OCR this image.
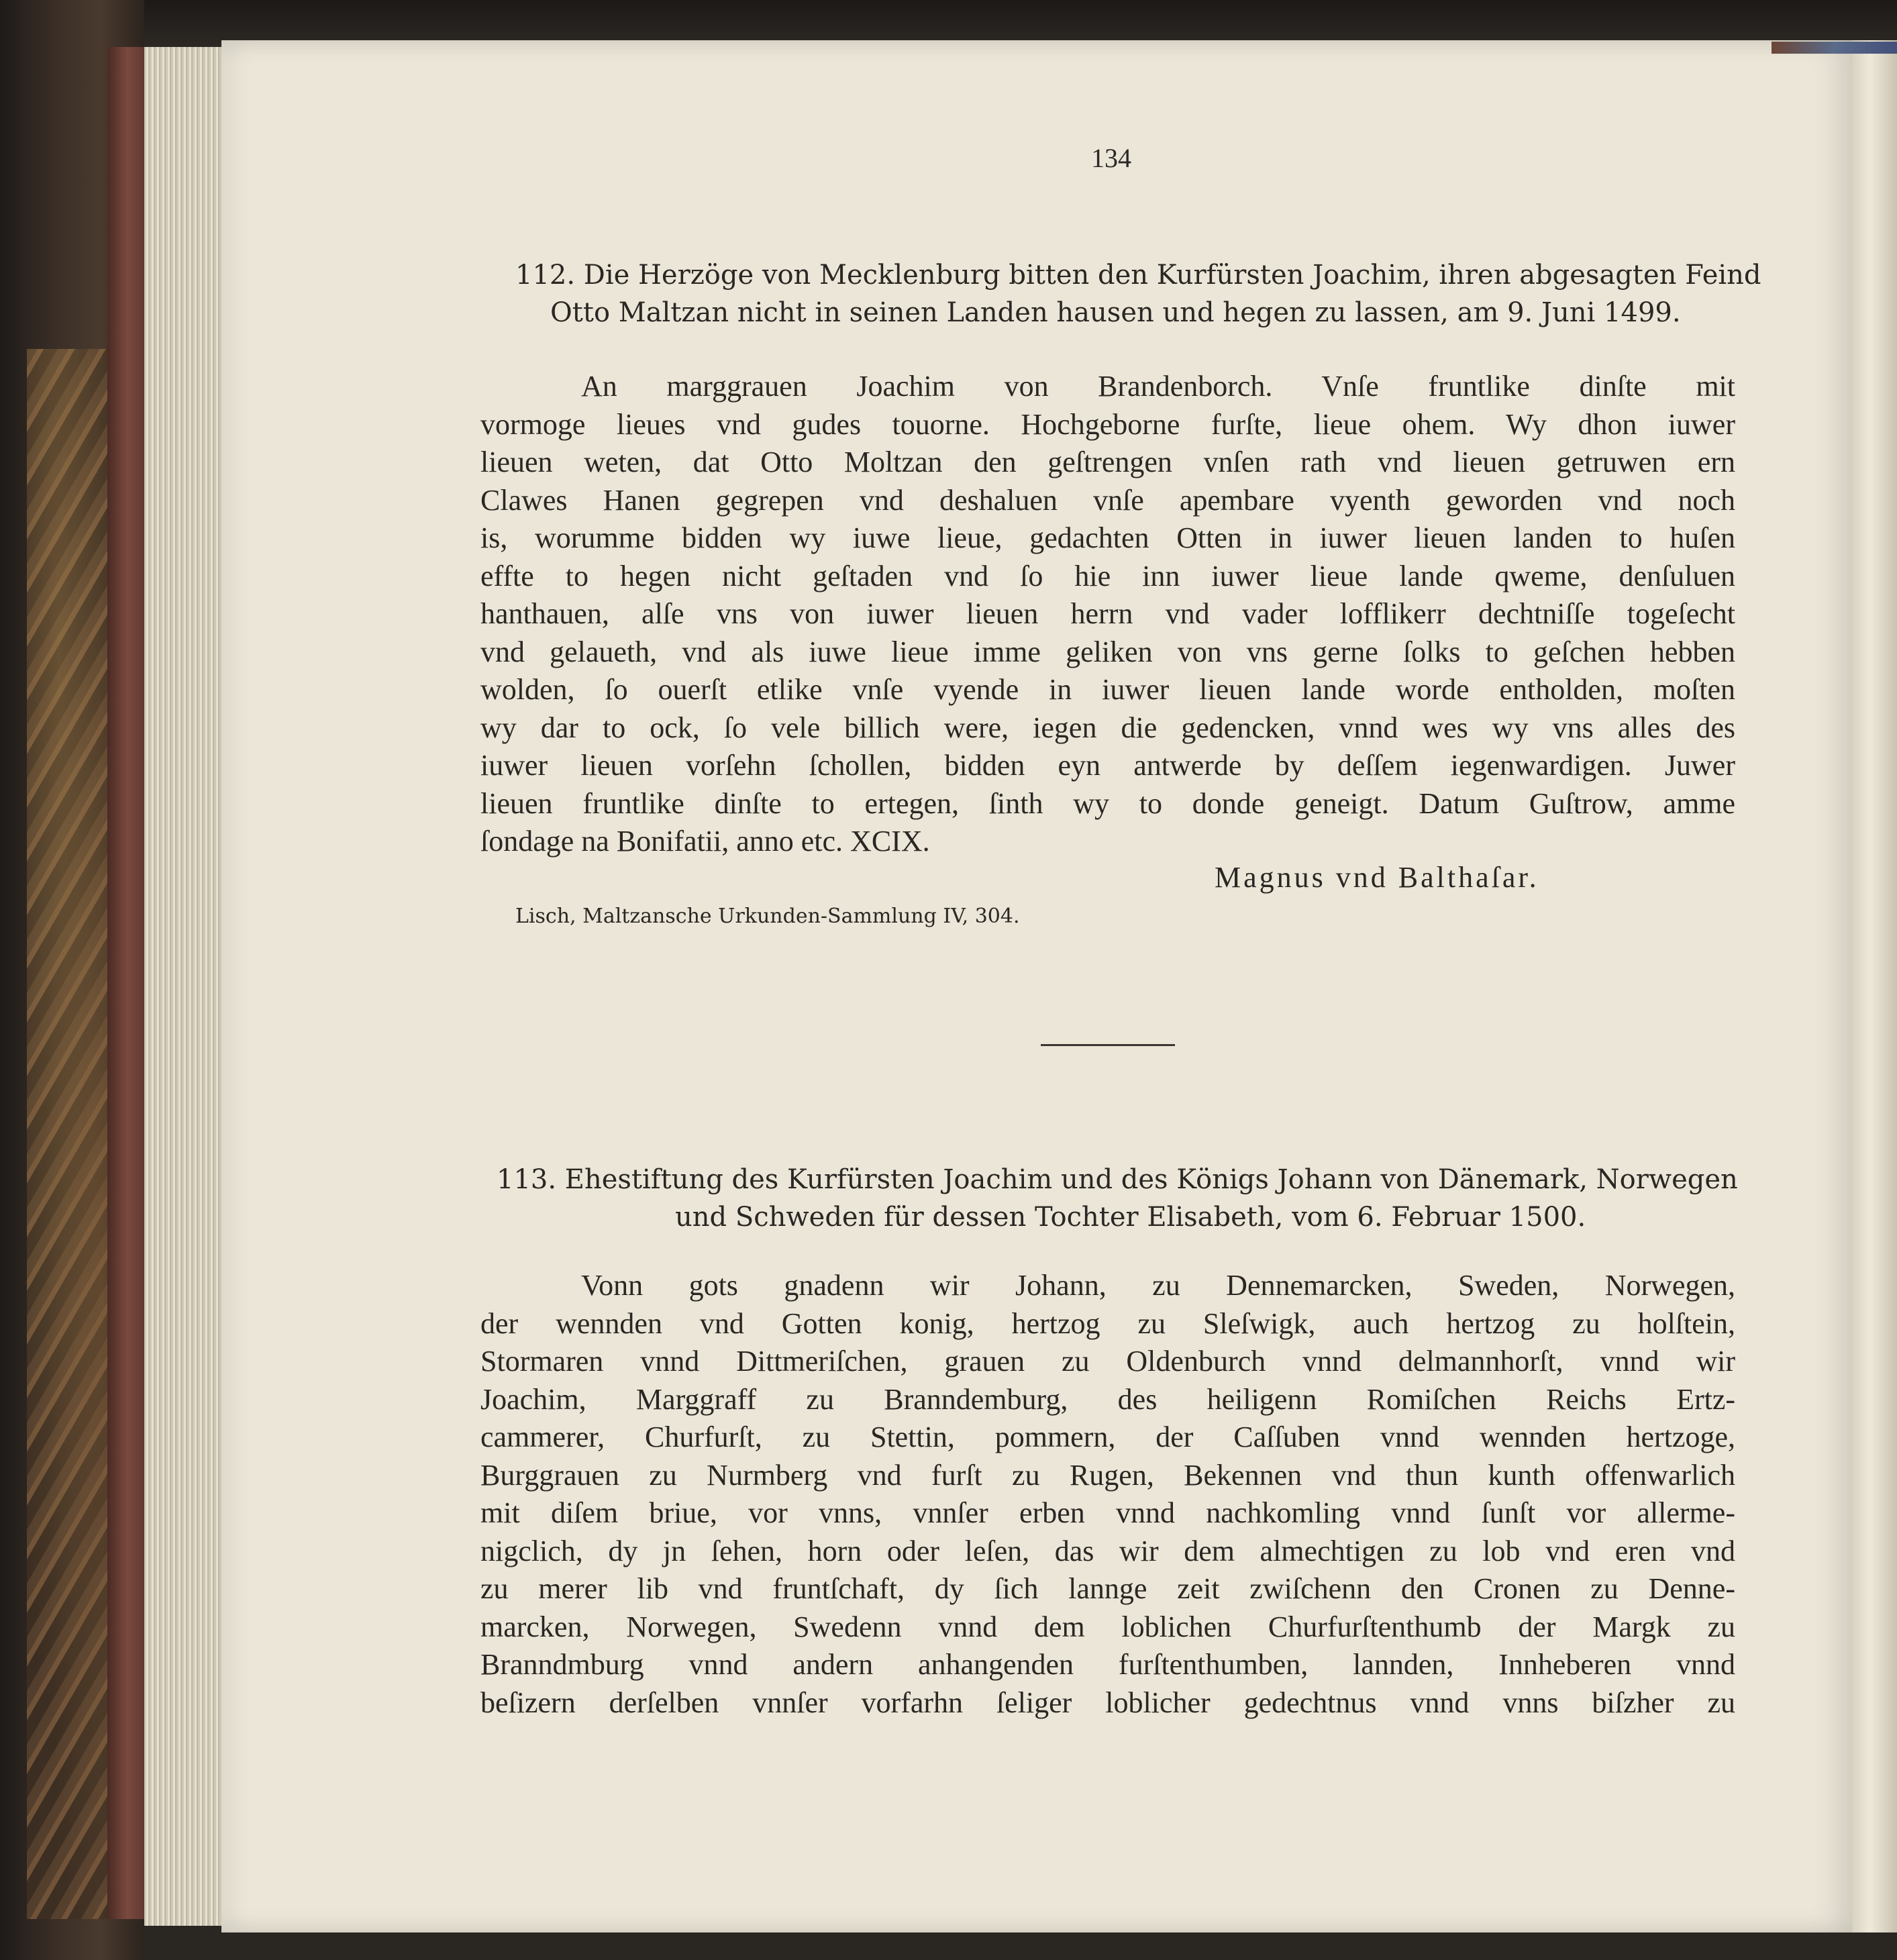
134
112. Die Herzöge von Mecklenburg bitten den Kurfürsten Joachim, ihren abgesagten Feind
Otto Maltzan nicht in seinen Landen hausen und hegen zu lassen, am 9. Juni 1499.
An marggrauen Joachim von Brandenborch. Vnſe fruntlike dinſte mit
vormoge lieues vnd gudes touorne. Hochgeborne furſte, lieue ohem. Wy dhon iuwer
lieuen weten, dat Otto Moltzan den geſtrengen vnſen rath vnd lieuen getruwen ern
Clawes Hanen gegrepen vnd deshaluen vnſe apembare vyenth geworden vnd noch
is, worumme bidden wy iuwe lieue, gedachten Otten in iuwer lieuen landen to huſen
effte to hegen nicht geſtaden vnd ſo hie inn iuwer lieue lande qweme, denſuluen
hanthauen, alſe vns von iuwer lieuen herrn vnd vader lofflikerr dechtniſſe togeſecht
vnd gelaueth, vnd als iuwe lieue imme geliken von vns gerne ſolks to geſchen hebben
wolden, ſo ouerſt etlike vnſe vyende in iuwer lieuen lande worde entholden, moſten
wy dar to ock, ſo vele billich were, iegen die gedencken, vnnd wes wy vns alles des
iuwer lieuen vorſehn ſchollen, bidden eyn antwerde by deſſem iegenwardigen. Juwer
lieuen fruntlike dinſte to ertegen, ſinth wy to donde geneigt. Datum Guſtrow, amme
ſondage na Bonifatii, anno etc. XCIX.
Magnus vnd Balthaſar.
Lisch, Maltzansche Urkunden-Sammlung IV, 304.
113. Ehestiftung des Kurfürsten Joachim und des Königs Johann von Dänemark, Norwegen
und Schweden für dessen Tochter Elisabeth, vom 6. Februar 1500.
Vonn gots gnadenn wir Johann, zu Dennemarcken, Sweden, Norwegen,
der wennden vnd Gotten konig, hertzog zu Sleſwigk, auch hertzog zu holſtein,
Stormaren vnnd Dittmeriſchen, grauen zu Oldenburch vnnd delmannhorſt, vnnd wir
Joachim, Marggraff zu Branndemburg, des heiligenn Romiſchen Reichs Ertz-
cammerer, Churfurſt, zu Stettin, pommern, der Caſſuben vnnd wennden hertzoge,
Burggrauen zu Nurmberg vnd furſt zu Rugen, Bekennen vnd thun kunth offenwarlich
mit diſem briue, vor vnns, vnnſer erben vnnd nachkomling vnnd ſunſt vor allerme-
nigclich, dy jn ſehen, horn oder leſen, das wir dem almechtigen zu lob vnd eren vnd
zu merer lib vnd fruntſchaft, dy ſich lannge zeit zwiſchenn den Cronen zu Denne-
marcken, Norwegen, Swedenn vnnd dem loblichen Churfurſtenthumb der Margk zu
Branndmburg vnnd andern anhangenden furſtenthumben, lannden, Innheberen vnnd
beſizern derſelben vnnſer vorfarhn ſeliger loblicher gedechtnus vnnd vnns biſzher zu
